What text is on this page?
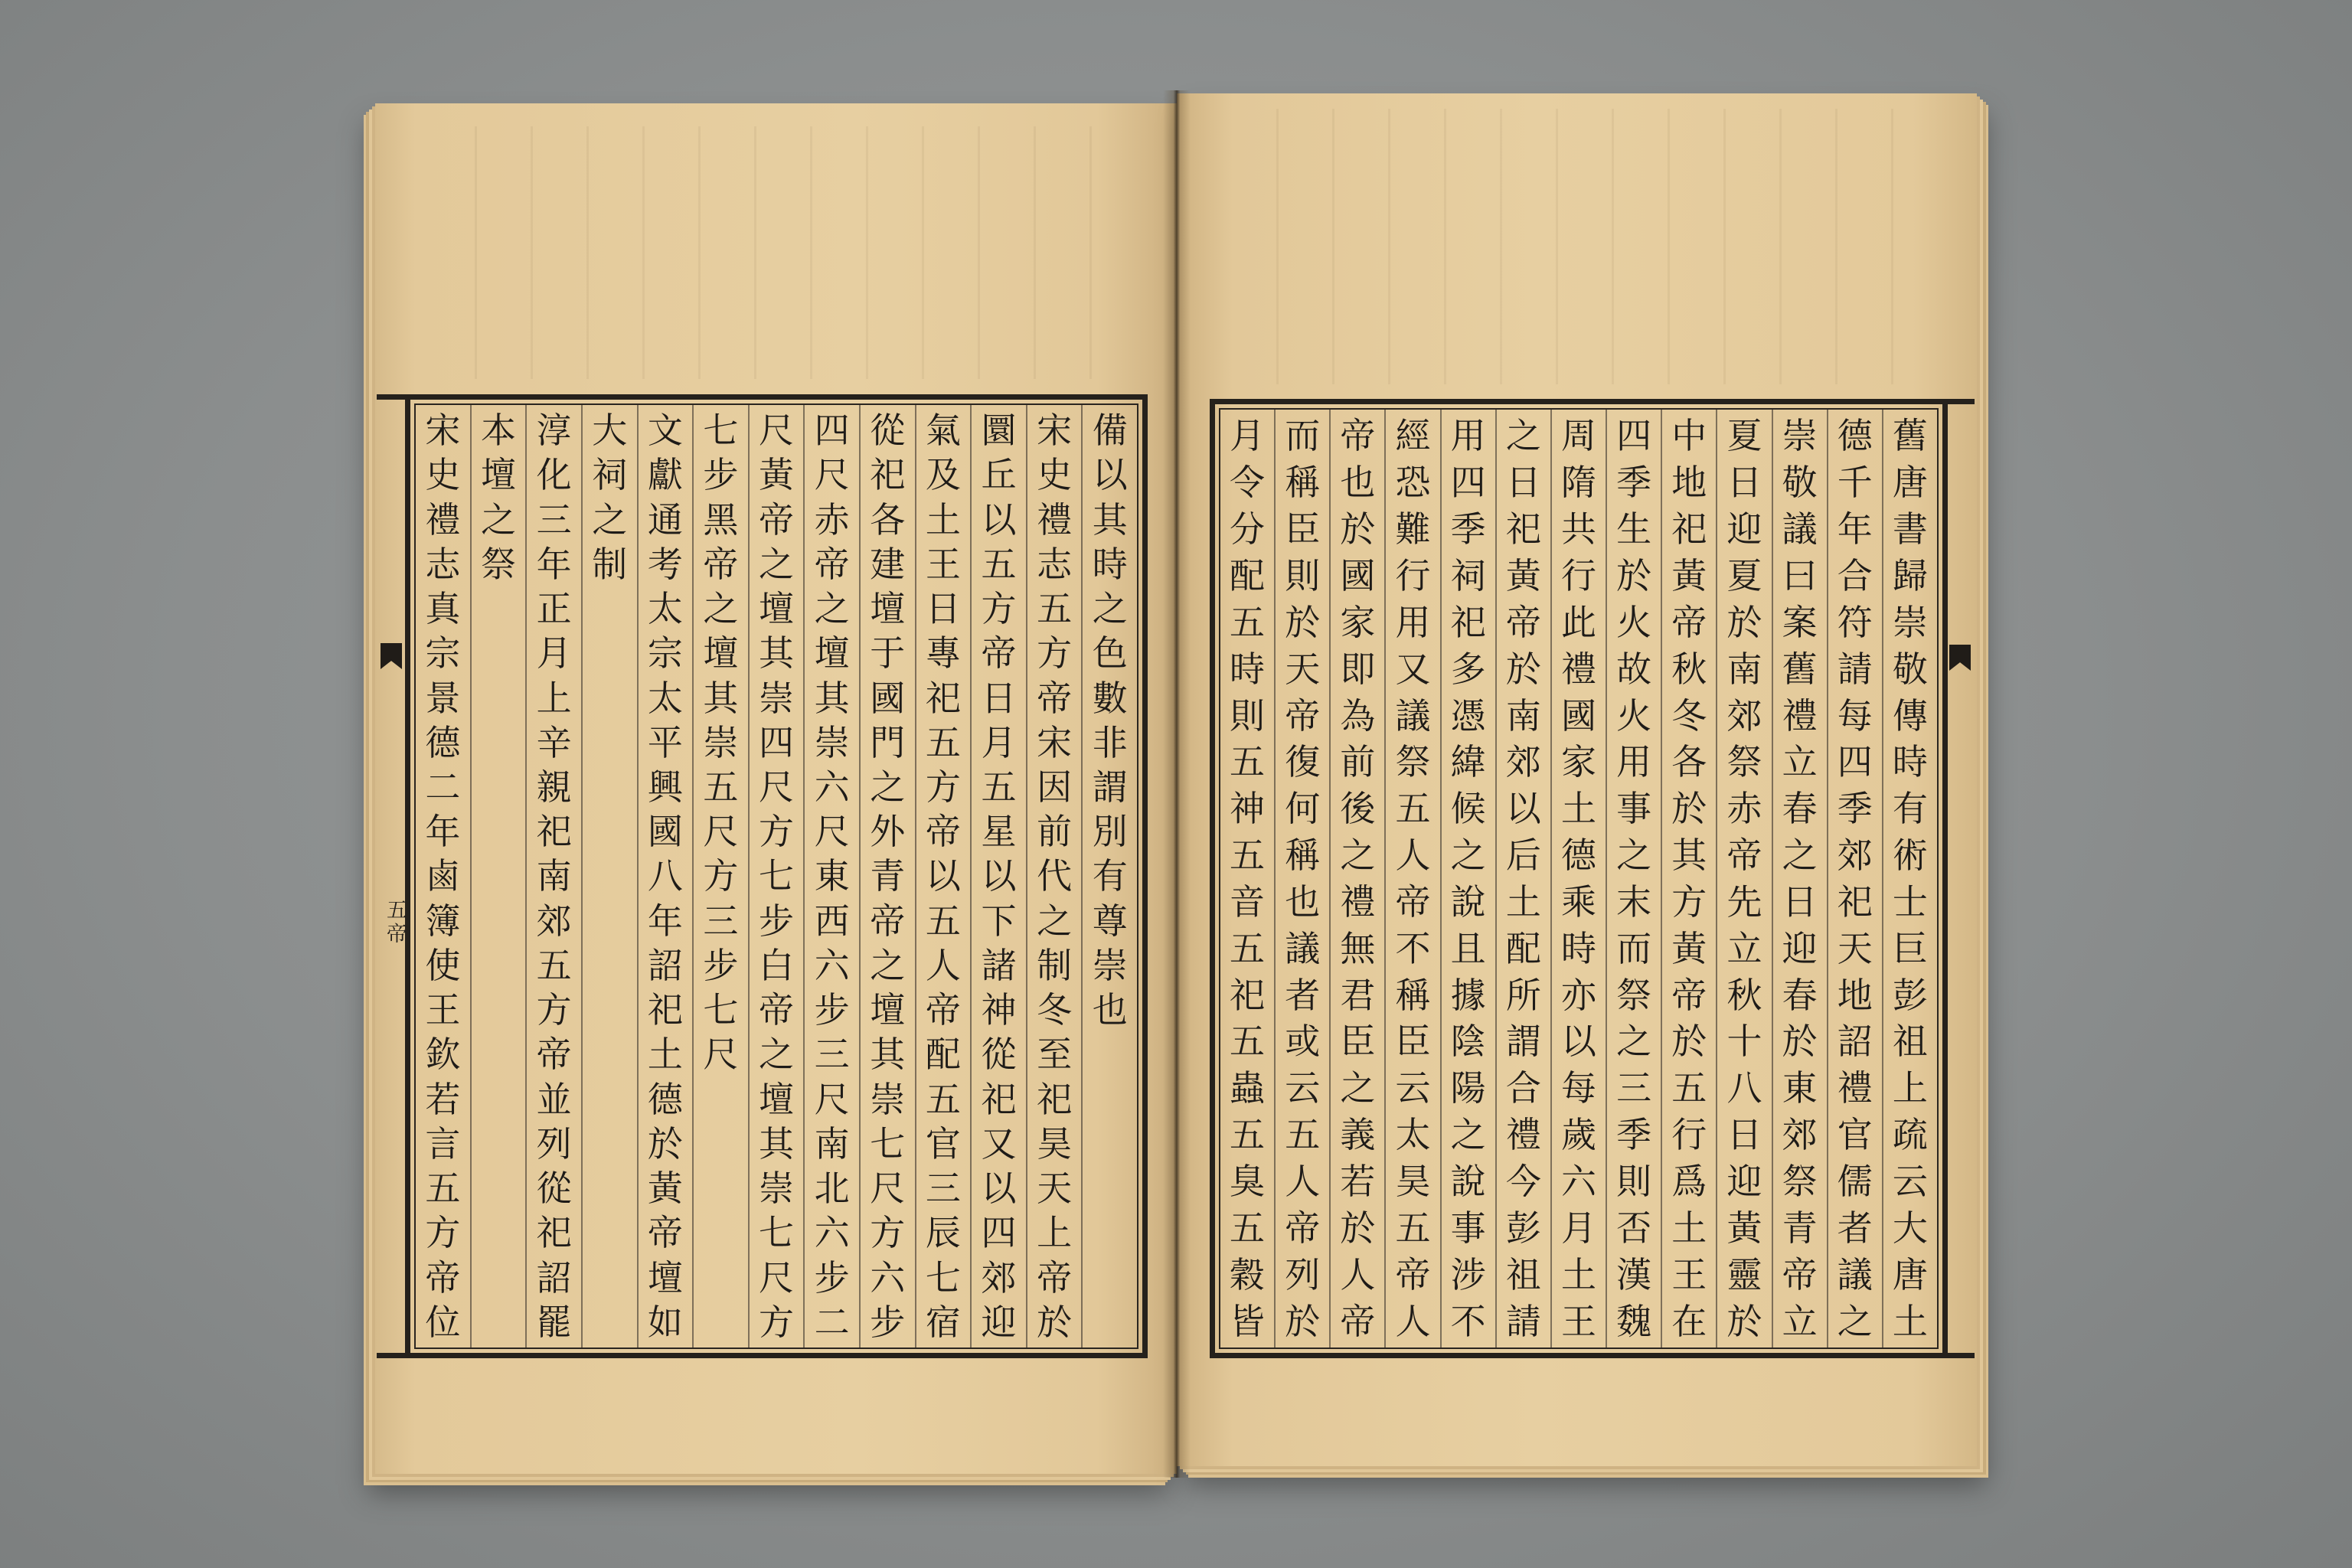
五帝
以
備
其
時
之
色
數
非
謂
別
有
尊
崇
也
宋
史
禮
志
五
方
帝
宋
因
前
代
之
制
冬
至
祀
昊
天
上
帝
於
圜
丘
以
五
方
帝
日
月
五
星
以
下
諸
神
從
祀
又
以
四
郊
迎
氣
及
土
王
日
專
祀
五
方
帝
以
五
人
帝
配
五
官
三
辰
七
宿
從
祀
各
建
壇
于
國
門
之
外
青
帝
之
壇
其
崇
七
尺
方
六
步
四
尺
赤
帝
之
壇
其
崇
六
尺
東
西
六
步
三
尺
南
北
六
步
二
尺
黃
帝
之
壇
其
崇
四
尺
方
七
步
白
帝
之
壇
其
崇
七
尺
方
七
步
黑
帝
之
壇
其
崇
五
尺
方
三
步
七
尺
文
獻
通
考
太
宗
太
平
興
國
八
年
詔
祀
土
德
於
黃
帝
壇
如
大
祠
之
制
淳
化
三
年
正
月
上
辛
親
祀
南
郊
五
方
帝
並
列
從
祀
詔
罷
本
壇
之
祭
宋
史
禮
志
真
宗
景
德
二
年
鹵
簿
使
王
欽
若
言
五
方
帝
位
舊
唐
書
歸
崇
敬
傳
時
有
術
士
巨
彭
祖
上
疏
云
大
唐
土
德
千
年
合
符
請
每
四
季
郊
祀
天
地
詔
禮
官
儒
者
議
之
崇
敬
議
曰
案
舊
禮
立
春
之
日
迎
春
於
東
郊
祭
青
帝
立
夏
日
迎
夏
於
南
郊
祭
赤
帝
先
立
秋
十
八
日
迎
黃
靈
於
中
地
祀
黃
帝
秋
冬
各
於
其
方
黃
帝
於
五
行
爲
土
王
在
四
季
生
於
火
故
火
用
事
之
末
而
祭
之
三
季
則
否
漢
魏
周
隋
共
行
此
禮
國
家
土
德
乘
時
亦
以
每
歲
六
月
土
王
之
日
祀
黃
帝
於
南
郊
以
后
土
配
所
謂
合
禮
今
彭
祖
請
用
四
季
祠
祀
多
憑
緯
候
之
說
且
據
陰
陽
之
說
事
涉
不
經
恐
難
行
用
又
議
祭
五
人
帝
不
稱
臣
云
太
昊
五
帝
人
帝
也
於
國
家
即
為
前
後
之
禮
無
君
臣
之
義
若
於
人
帝
而
稱
臣
則
於
天
帝
復
何
稱
也
議
者
或
云
五
人
帝
列
於
月
令
分
配
五
時
則
五
神
五
音
五
祀
五
蟲
五
臭
五
穀
皆
